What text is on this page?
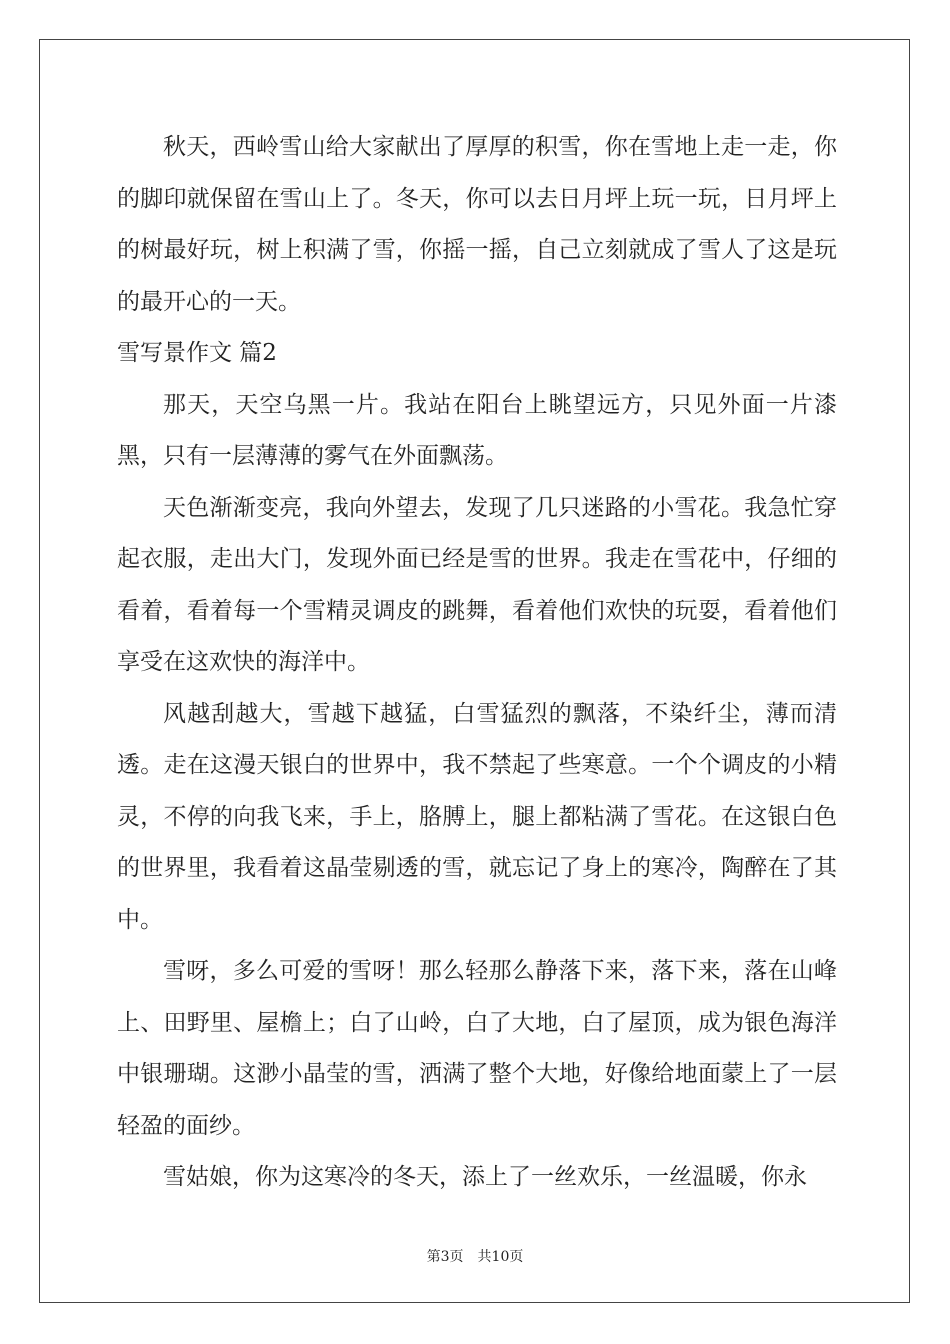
秋天，西岭雪山给大家献出了厚厚的积雪，你在雪地上走一走，你的脚印就保留在雪山上了。冬天，你可以去日月坪上玩一玩，日月坪上的树最好玩，树上积满了雪，你摇一摇，自己立刻就成了雪人了这是玩的最开心的一天。

雪写景作文 篇2

那天，天空乌黑一片。我站在阳台上眺望远方，只见外面一片漆黑，只有一层薄薄的雾气在外面飘荡。

天色渐渐变亮，我向外望去，发现了几只迷路的小雪花。我急忙穿起衣服，走出大门，发现外面已经是雪的世界。我走在雪花中，仔细的看着，看着每一个雪精灵调皮的跳舞，看着他们欢快的玩耍，看着他们享受在这欢快的海洋中。

风越刮越大，雪越下越猛，白雪猛烈的飘落，不染纤尘，薄而清透。走在这漫天银白的世界中，我不禁起了些寒意。一个个调皮的小精灵，不停的向我飞来，手上，胳膊上，腿上都粘满了雪花。在这银白色的世界里，我看着这晶莹剔透的雪，就忘记了身上的寒冷，陶醉在了其中。

雪呀，多么可爱的雪呀！那么轻那么静落下来，落下来，落在山峰上、田野里、屋檐上；白了山岭，白了大地，白了屋顶，成为银色海洋中银珊瑚。这渺小晶莹的雪，洒满了整个大地，好像给地面蒙上了一层轻盈的面纱。

雪姑娘，你为这寒冷的冬天，添上了一丝欢乐，一丝温暖，你永

第3页　共10页
